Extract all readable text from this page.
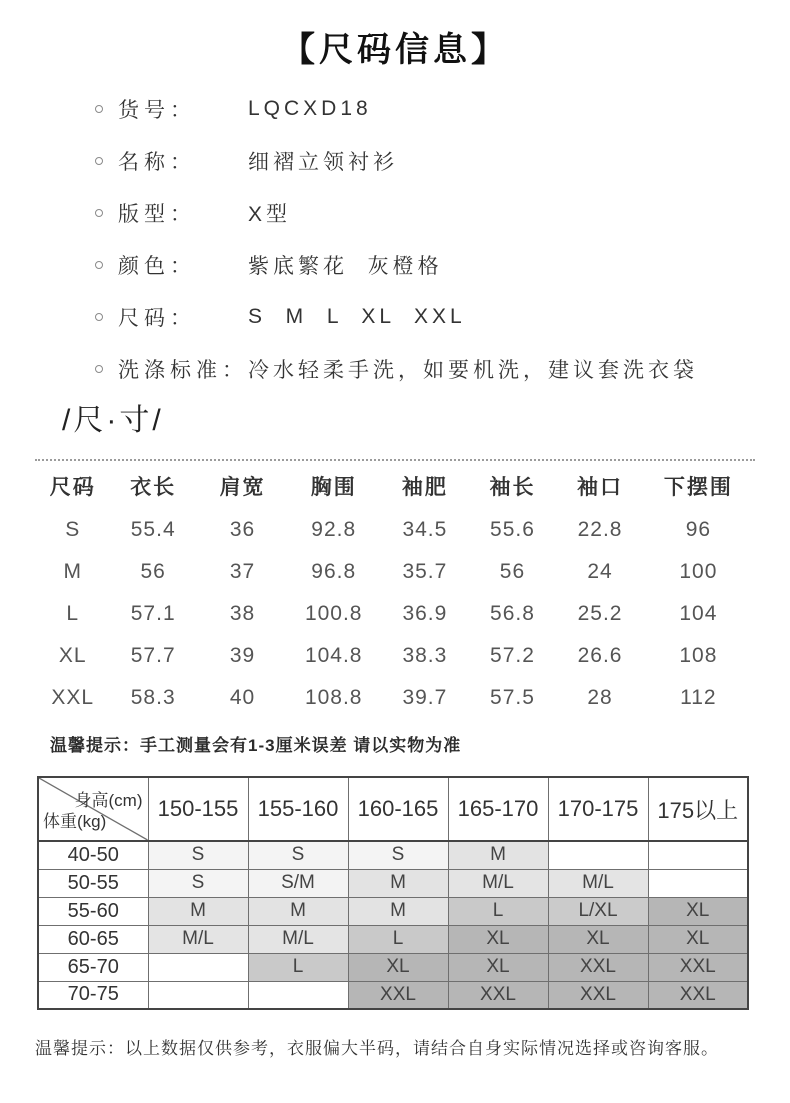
【尺码信息】
货号：	LQCXD18
名称：	细褶立领衬衫
版型：	X型
颜色：	紫底繁花  灰橙格
尺码：	S  M  L  XL  XXL
洗涤标准： 冷水轻柔手洗，如要机洗，建议套洗衣袋
/尺·寸/
尺码	衣长	肩宽	胸围	袖肥	袖长	袖口	下摆围
S	55.4	36	92.8	34.5	55.6	22.8	96
M	56	37	96.8	35.7	56	24	100
L	57.1	38	100.8	36.9	56.8	25.2	104
XL	57.7	39	104.8	38.3	57.2	26.6	108
XXL	58.3	40	108.8	39.7	57.5	28	112

温馨提示：手工测量会有1-3厘米误差 请以实物为准

身高(cm)
体重(kg)	150-155	155-160	160-165	165-170	170-175	175以上
40-50	S	S	S	M		
50-55	S	S/M	M	M/L	M/L	
55-60	M	M	M	L	L/XL	XL
60-65	M/L	M/L	L	XL	XL	XL
65-70		L	XL	XL	XXL	XXL
70-75			XXL	XXL	XXL	XXL

温馨提示：以上数据仅供参考，衣服偏大半码，请结合自身实际情况选择或咨询客服。
